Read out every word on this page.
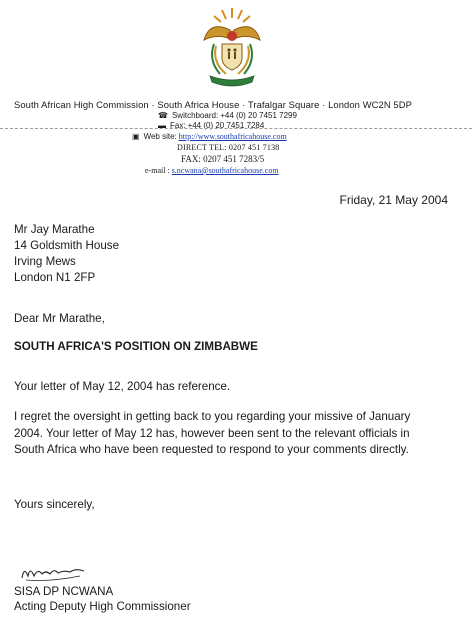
South African High Commission · South Africa House · Trafalgar Square · London WC2N 5DP
☎ Switchboard: +44 (0) 20 7451 7299
▬ Fax: +44 (0) 20 7451 7284
▣ Web site: http://www.southafricahouse.com
DIRECT TEL: 0207 451 7138
FAX: 0207 451 7283/5
e-mail : s.ncwana@southafricahouse.com
Friday, 21 May 2004
Mr Jay Marathe
14 Goldsmith House
Irving Mews
London N1 2FP
Dear Mr Marathe,
SOUTH AFRICA'S POSITION ON ZIMBABWE
Your letter of May 12, 2004 has reference.
I regret the oversight in getting back to you regarding your missive of January
2004. Your letter of May 12 has, however been sent to the relevant officials in
South Africa who have been requested to respond to your comments directly.
Yours sincerely,
SISA DP NCWANA
Acting Deputy High Commissioner
